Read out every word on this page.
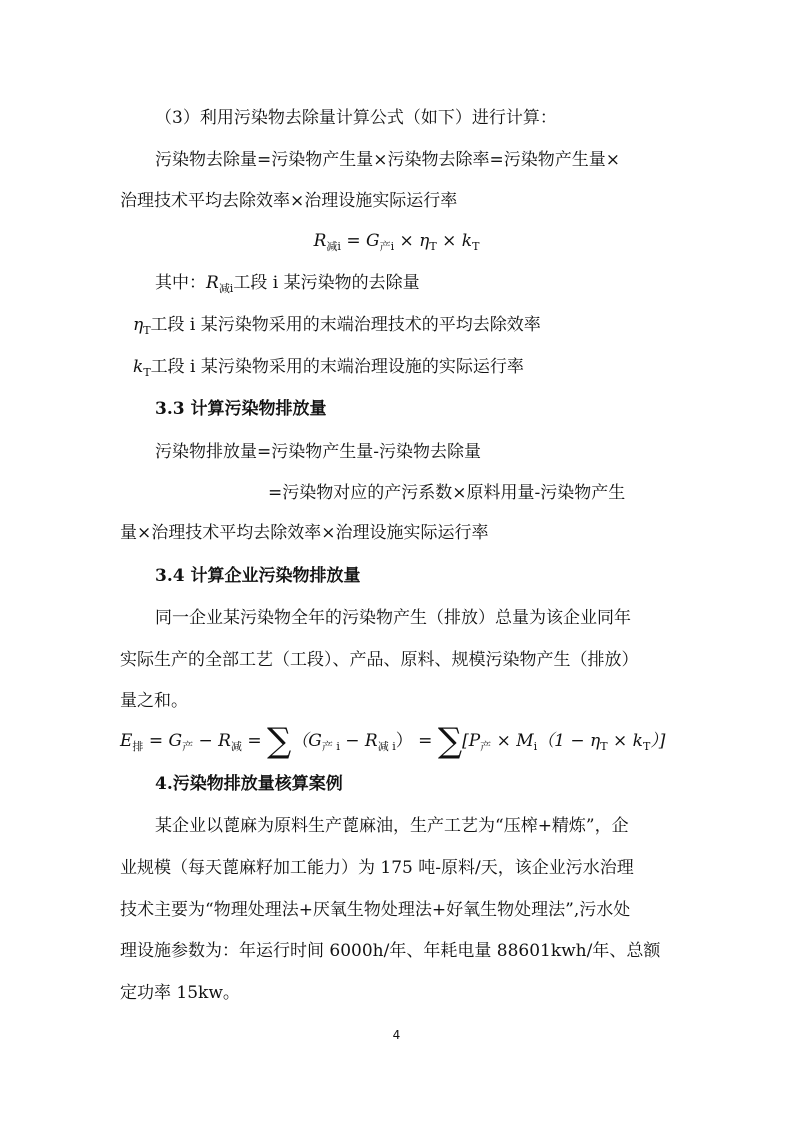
（3）利用污染物去除量计算公式（如下）进行计算：
污染物去除量=污染物产生量×污染物去除率=污染物产生量×
治理技术平均去除效率×治理设施实际运行率
$R_{减i} = G_{产i} \times \eta_T \times k_T$
其中：$R_{减i}$工段 i 某污染物的去除量
$\eta_T$工段 i 某污染物采用的末端治理技术的平均去除效率
$k_T$工段 i 某污染物采用的末端治理设施的实际运行率
3.3 计算污染物排放量
污染物排放量=污染物产生量-污染物去除量
=污染物对应的产污系数×原料用量-污染物产生
量×治理技术平均去除效率×治理设施实际运行率
3.4 计算企业污染物排放量
同一企业某污染物全年的污染物产生（排放）总量为该企业同年
实际生产的全部工艺（工段）、产品、原料、规模污染物产生（排放）
量之和。
$E_排 = G_产 - R_减 = \sum(G_{产 i} - R_{减 i}) = \sum[P_产 \times M_i(1 - \eta_T \times k_T)]$
4.污染物排放量核算案例
某企业以蓖麻为原料生产蓖麻油，生产工艺为“压榨+精炼”，企
业规模（每天蓖麻籽加工能力）为 175 吨-原料/天，该企业污水治理
技术主要为“物理处理法+厌氧生物处理法+好氧生物处理法”,污水处
理设施参数为：年运行时间 6000h/年、年耗电量 88601kwh/年、总额
定功率 15kw。
4
